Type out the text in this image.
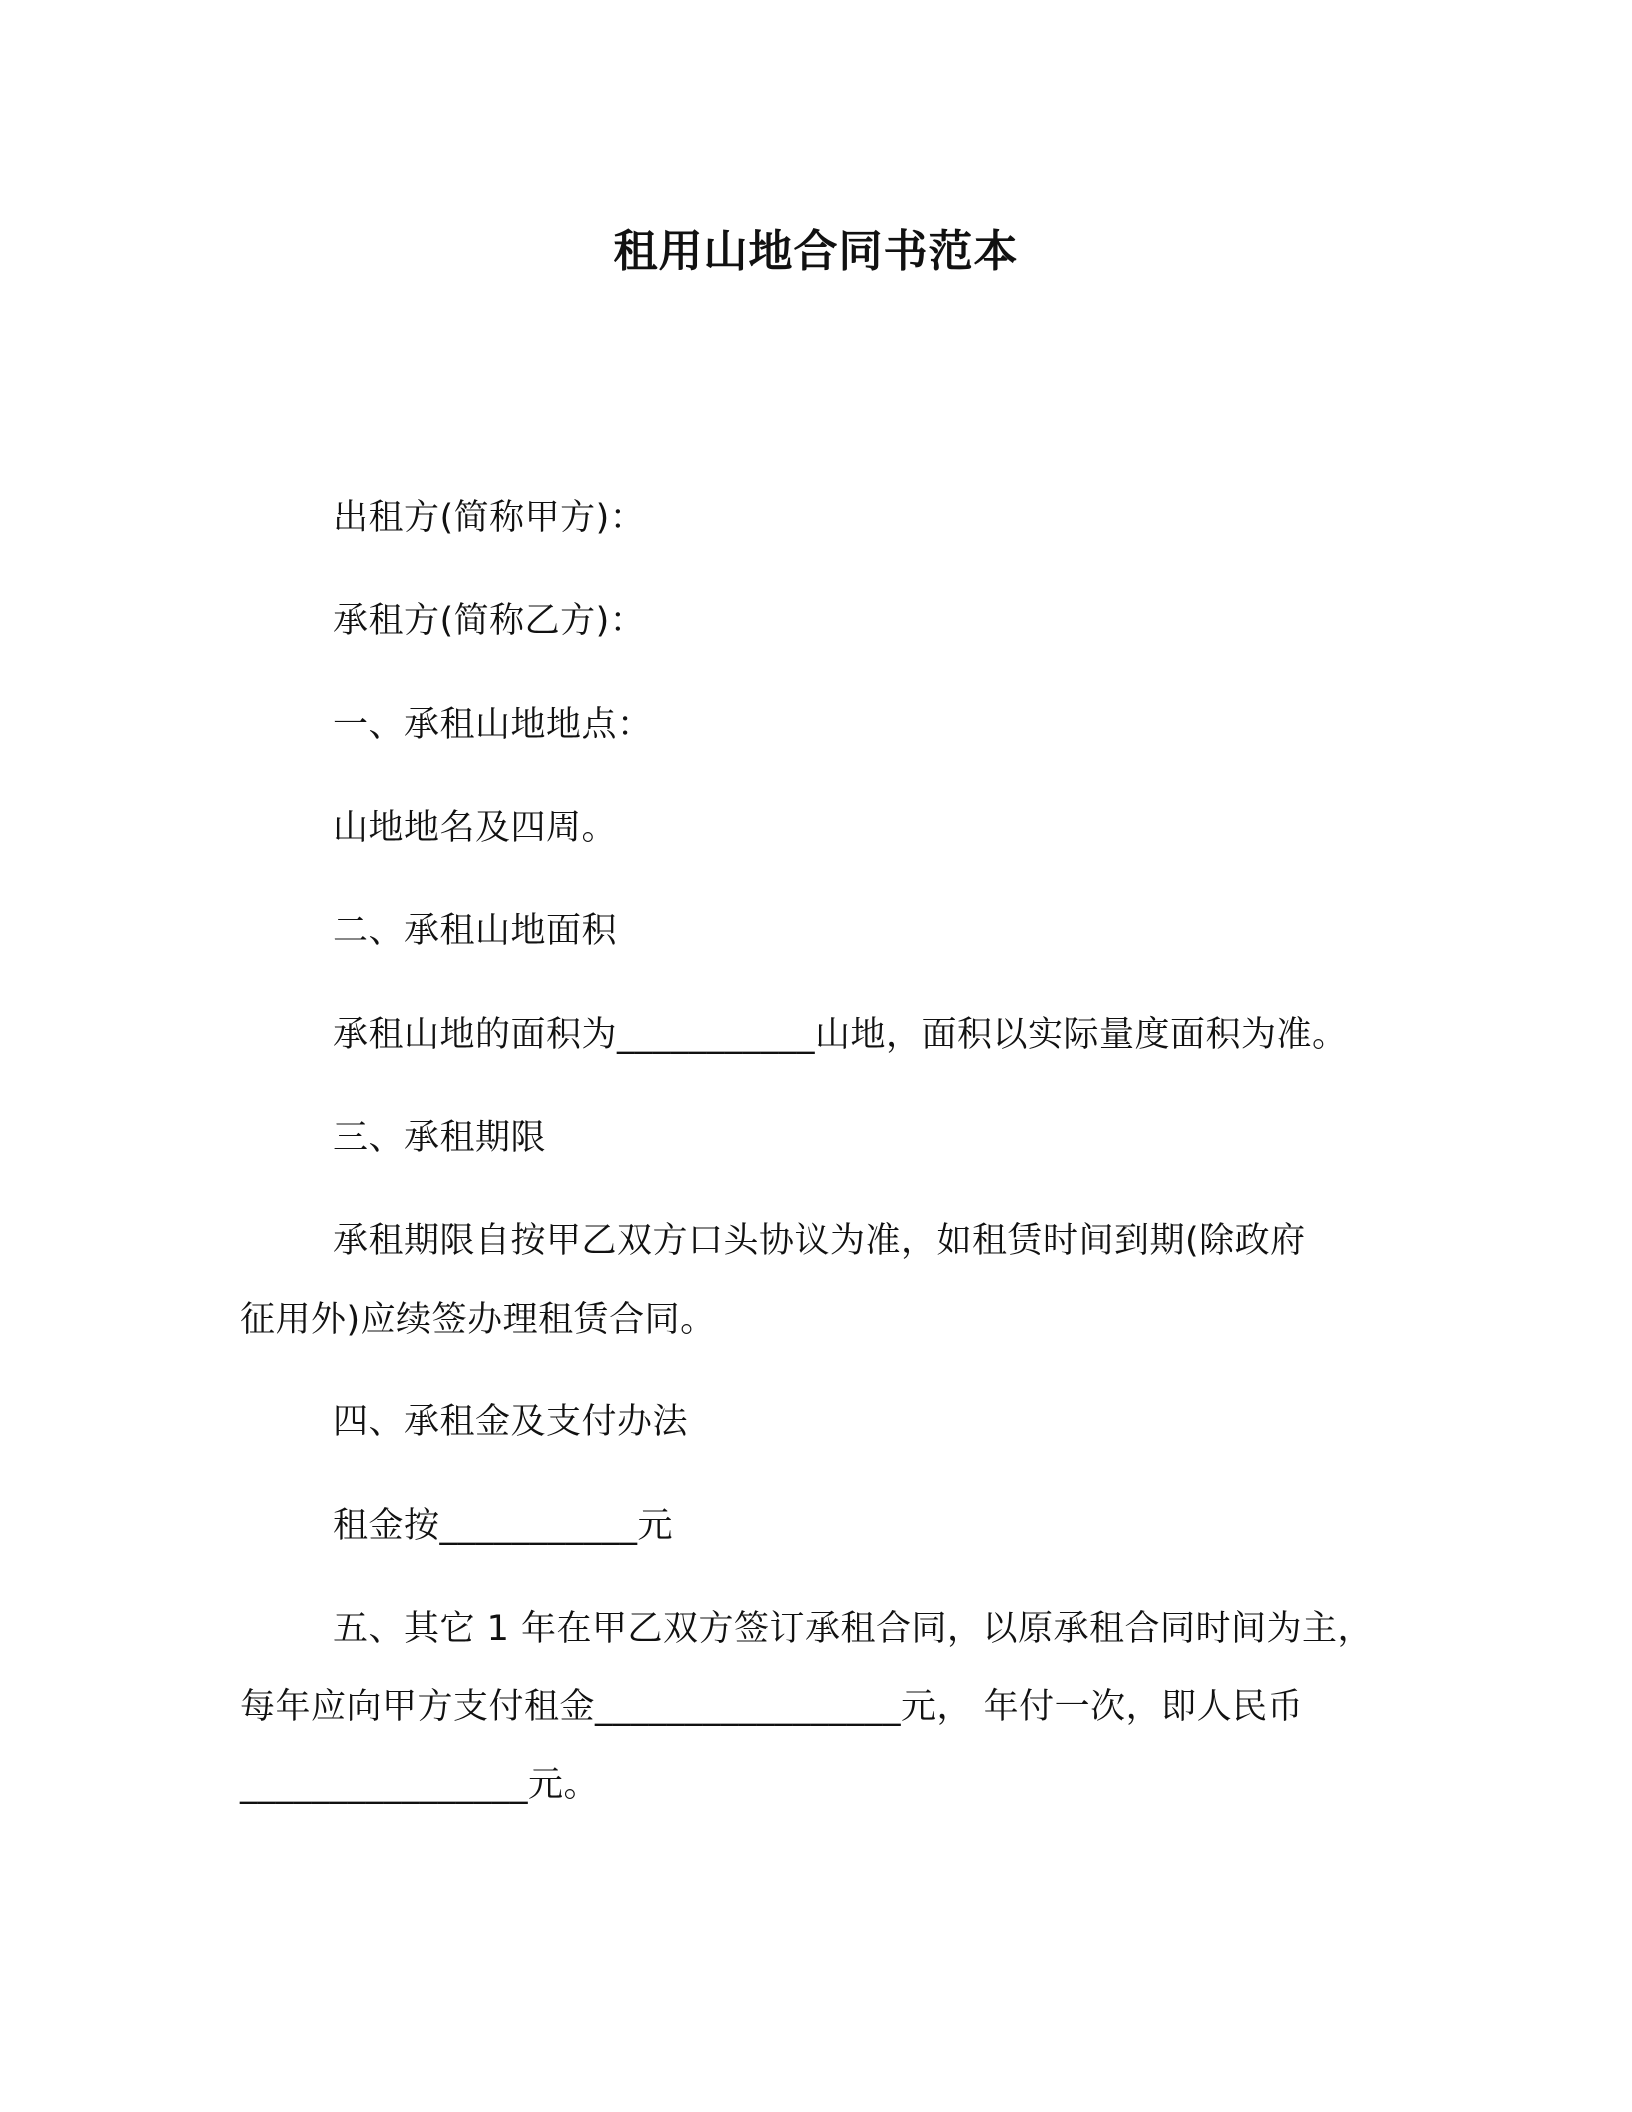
租用山地合同书范本
出租方(简称甲方)：
承租方(简称乙方)：
一、承租山地地点：
山地地名及四周。
二、承租山地面积
承租山地的面积为___________山地，面积以实际量度面积为准。
三、承租期限
承租期限自按甲乙双方口头协议为准，如租赁时间到期(除政府
征用外)应续签办理租赁合同。
四、承租金及支付办法
租金按___________元
五、其它 1 年在甲乙双方签订承租合同，以原承租合同时间为主，
每年应向甲方支付租金_________________元， 年付一次，即人民币
________________元。
